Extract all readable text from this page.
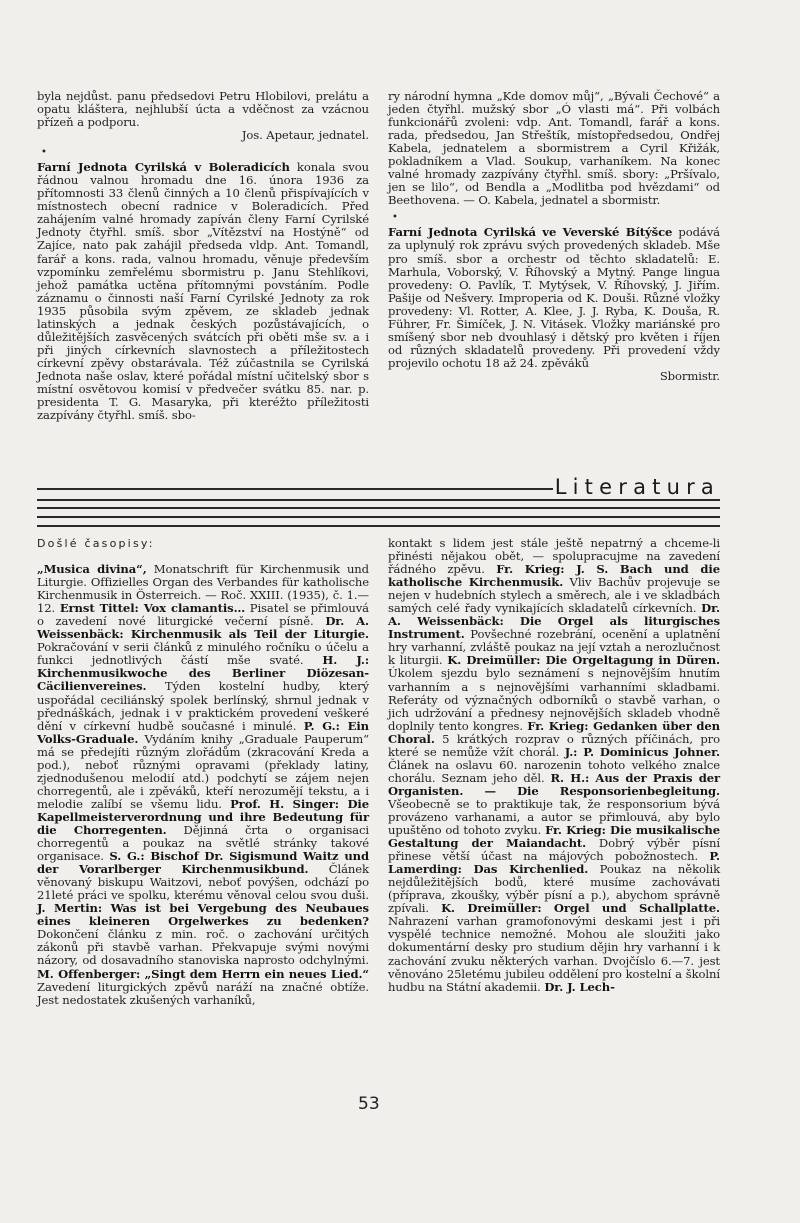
byla nejdůst. panu předsedovi Petru Hlobilovi, prelátu a opatu kláštera, nejhlubší úcta a vděčnost za vzácnou přízeň a podporu.

Jos. Apetaur, jednatel.

•

Farní Jednota Cyrilská v Boleradicích konala svou řádnou valnou hromadu dne 16. února 1936 za přítomnosti 33 členů činných a 10 členů přispívajících v místnostech obecní radnice v Boleradicích. Před zahájením valné hromady zapíván členy Farní Cyrilské Jednoty čtyřhl. smíš. sbor „Vítězství na Hostýně“ od Zajíce, nato pak zahájil předseda vldp. Ant. Tomandl, farář a kons. rada, valnou hromadu, věnuje především vzpomínku zemřelému sbormistru p. Janu Stehlíkovi, jehož památka uctěna přítomnými povstáním. Podle záznamu o činnosti naší Farní Cyrilské Jednoty za rok 1935 působila svým zpěvem, ze skladeb jednak latinských a jednak českých pozůstávajících, o důležitějších zasvěcených svátcích při oběti mše sv. a i při jiných církevních slavnostech a příležitostech církevní zpěvy obstarávala. Též zúčastnila se Cyrilská Jednota naše oslav, které pořádal místní učitelský sbor s místní osvětovou komisí v předvečer svátku 85. nar. p. presidenta T. G. Masaryka, při kteréžto příležitosti zazpívány čtyřhl. smíš. sbo-

ry národní hymna „Kde domov můj“, „Bývali Čechové“ a jeden čtyřhl. mužský sbor „Ó vlasti má“. Při volbách funkcionářů zvoleni: vdp. Ant. Tomandl, farář a kons. rada, předsedou, Jan Střeštík, místopředsedou, Ondřej Kabela, jednatelem a sbormistrem a Cyril Křižák, pokladníkem a Vlad. Soukup, varhaníkem. Na konec valné hromady zazpívány čtyřhl. smíš. sbory: „Pršívalo, jen se lilo“, od Bendla a „Modlitba pod hvězdami“ od Beethovena. — O. Kabela, jednatel a sbormistr.

•

Farní Jednota Cyrilská ve Veverské Bítýšce podává za uplynulý rok zprávu svých provedených skladeb. Mše pro smíš. sbor a orchestr od těchto skladatelů: E. Marhula, Voborský, V. Říhovský a Mytný. Pange lingua provedeny: O. Pavlík, T. Mytýsek, V. Říhovský, J. Jiřím. Pašije od Nešvery. Improperia od K. Douši. Různé vložky provedeny: Vl. Rotter, A. Klee, J. J. Ryba, K. Douša, R. Führer, Fr. Šimíček, J. N. Vitásek. Vložky mariánské pro smíšený sbor neb dvouhlasý i dětský pro květen i říjen od různých skladatelů provedeny. Při provedení vždy projevilo ochotu 18 až 24. zpěváků

Sbormistr.

Literatura

Došlé časopisy:

„Musica divina“, Monatschrift für Kirchenmusik und Liturgie. Offizielles Organ des Verbandes für katholische Kirchenmusik in Österreich. — Roč. XXIII. (1935), č. 1.—12. Ernst Tittel: Vox clamantis… Pisatel se přimlouvá o zavedení nové liturgické večerní písně. Dr. A. Weissenbäck: Kirchenmusik als Teil der Liturgie. Pokračování v serii článků z minulého ročníku o účelu a funkci jednotlivých částí mše svaté. H. J.: Kirchenmusikwoche des Berliner Diözesan-Cäcilienvereines. Týden kostelní hudby, který uspořádal ceciliánský spolek berlínský, shrnul jednak v přednáškách, jednak i v praktickém provedení veškeré dění v církevní hudbě současné i minulé. P. G.: Ein Volks-Graduale. Vydáním knihy „Graduale Pauperum“ má se předejíti různým zlořádům (zkracování Kreda a pod.), neboť různými opravami (překlady latiny, zjednodušenou melodií atd.) podchytí se zájem nejen chorregentů, ale i zpěváků, kteří nerozumějí tekstu, a i melodie zalíbí se všemu lidu. Prof. H. Singer: Die Kapellmeisterverordnung und ihre Bedeutung für die Chorregenten. Dějinná črta o organisaci chorregentů a poukaz na světlé stránky takové organisace. S. G.: Bischof Dr. Sigismund Waitz und der Vorarlberger Kirchenmusikbund. Článek věnovaný biskupu Waitzovi, neboť povýšen, odchází po 21leté práci ve spolku, kterému věnoval celou svou duši. J. Mertin: Was ist bei Vergebung des Neubaues eines kleineren Orgelwerkes zu bedenken? Dokončení článku z min. roč. o zachování určitých zákonů při stavbě varhan. Překvapuje svými novými názory, od dosavadního stanoviska naprosto odchylnými. M. Offenberger: „Singt dem Herrn ein neues Lied.“ Zavedení liturgických zpěvů naráží na značné obtíže. Jest nedostatek zkušených varhaníků,

kontakt s lidem jest stále ještě nepatrný a chceme-li přinésti nějakou obět, — spolupracujme na zavedení řádného zpěvu. Fr. Krieg: J. S. Bach und die katholische Kirchenmusik. Vliv Bachův projevuje se nejen v hudebních stylech a směrech, ale i ve skladbách samých celé řady vynikajících skladatelů církevních. Dr. A. Weissenbäck: Die Orgel als liturgisches Instrument. Povšechné rozebrání, ocenění a uplatnění hry varhanní, zvláště poukaz na její vztah a nerozlučnost k liturgii. K. Dreimüller: Die Orgeltagung in Düren. Úkolem sjezdu bylo seznámení s nejnovějším hnutím varhanním a s nejnovějšími varhanními skladbami. Referáty od význačných odborníků o stavbě varhan, o jich udržování a přednesy nejnovějších skladeb vhodně doplnily tento kongres. Fr. Krieg: Gedanken über den Choral. 5 krátkých rozprav o různých příčinách, pro které se nemůže vžít chorál. J.: P. Dominicus Johner. Článek na oslavu 60. narozenin tohoto velkého znalce chorálu. Seznam jeho děl. R. H.: Aus der Praxis der Organisten. — Die Responsorienbegleitung. Všeobecně se to praktikuje tak, že responsorium bývá provázeno varhanami, a autor se přimlouvá, aby bylo upuštěno od tohoto zvyku. Fr. Krieg: Die musikalische Gestaltung der Maiandacht. Dobrý výběr písní přinese větší účast na májových pobožnostech. P. Lamerding: Das Kirchenlied. Poukaz na několik nejdůležitějších bodů, které musíme zachovávati (příprava, zkoušky, výběr písní a p.), abychom správně zpívali. K. Dreimüller: Orgel und Schallplatte. Nahrazení varhan gramofonovými deskami jest i při vyspělé technice nemožné. Mohou ale sloužiti jako dokumentární desky pro studium dějin hry varhanní i k zachování zvuku některých varhan. Dvojčíslo 6.—7. jest věnováno 25letému jubileu oddělení pro kostelní a školní hudbu na Státní akademii. Dr. J. Lech-

53
